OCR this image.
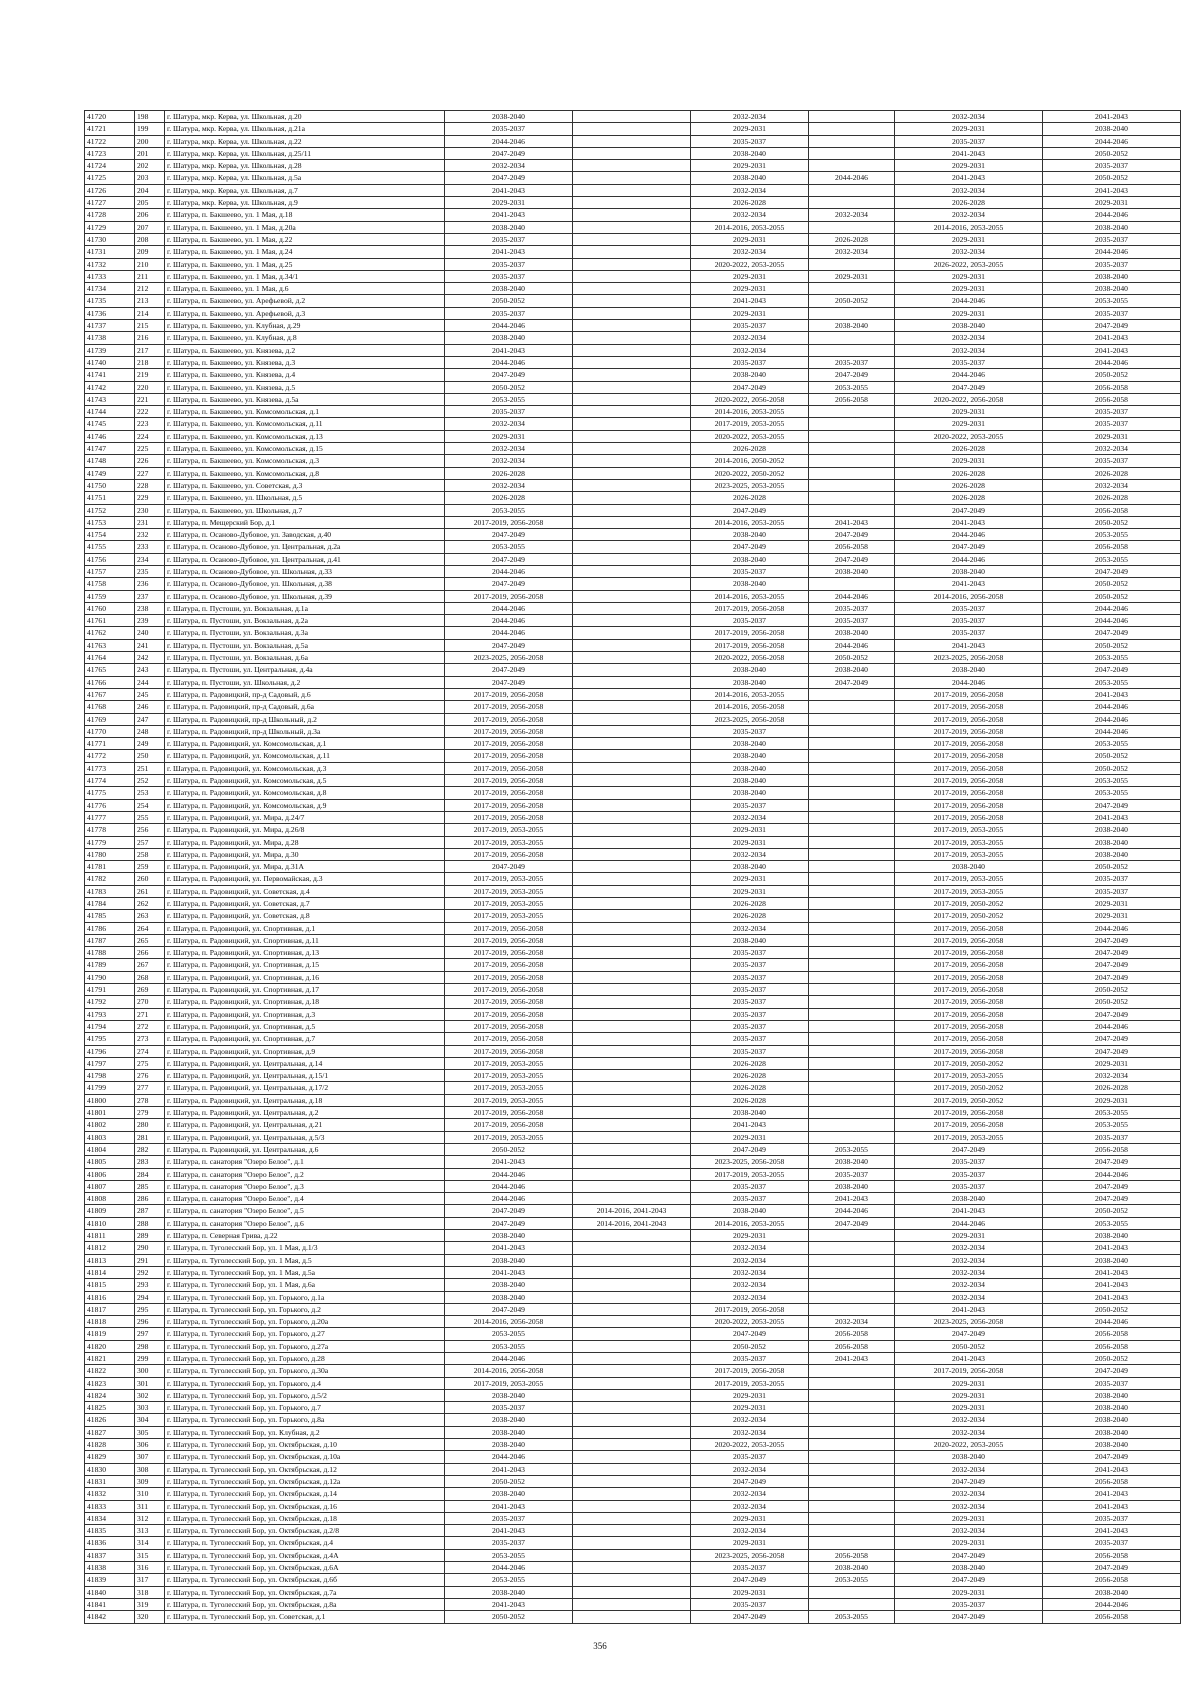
41720	198	г. Шатура, мкр. Керва, ул. Школьная, д.20	2038-2040		2032-2034		2032-2034	2041-2043
41721	199	г. Шатура, мкр. Керва, ул. Школьная, д.21а	2035-2037		2029-2031		2029-2031	2038-2040
41722	200	г. Шатура, мкр. Керва, ул. Школьная, д.22	2044-2046		2035-2037		2035-2037	2044-2046
41723	201	г. Шатура, мкр. Керва, ул. Школьная, д.25/11	2047-2049		2038-2040		2041-2043	2050-2052
41724	202	г. Шатура, мкр. Керва, ул. Школьная, д.28	2032-2034		2029-2031		2029-2031	2035-2037
41725	203	г. Шатура, мкр. Керва, ул. Школьная, д.5а	2047-2049		2038-2040	2044-2046	2041-2043	2050-2052
41726	204	г. Шатура, мкр. Керва, ул. Школьная, д.7	2041-2043		2032-2034		2032-2034	2041-2043
41727	205	г. Шатура, мкр. Керва, ул. Школьная, д.9	2029-2031		2026-2028		2026-2028	2029-2031
41728	206	г. Шатура, п. Бакшеево, ул. 1 Мая, д.18	2041-2043		2032-2034	2032-2034	2032-2034	2044-2046
41729	207	г. Шатура, п. Бакшеево, ул. 1 Мая, д.20а	2038-2040		2014-2016, 2053-2055		2014-2016, 2053-2055	2038-2040
41730	208	г. Шатура, п. Бакшеево, ул. 1 Мая, д.22	2035-2037		2029-2031	2026-2028	2029-2031	2035-2037
41731	209	г. Шатура, п. Бакшеево, ул. 1 Мая, д.24	2041-2043		2032-2034	2032-2034	2032-2034	2044-2046
41732	210	г. Шатура, п. Бакшеево, ул. 1 Мая, д.25	2035-2037		2020-2022, 2053-2055		2026-2022, 2053-2055	2035-2037
41733	211	г. Шатура, п. Бакшеево, ул. 1 Мая, д.34/1	2035-2037		2029-2031	2029-2031	2029-2031	2038-2040
41734	212	г. Шатура, п. Бакшеево, ул. 1 Мая, д.6	2038-2040		2029-2031		2029-2031	2038-2040
41735	213	г. Шатура, п. Бакшеево, ул. Арефьевой, д.2	2050-2052		2041-2043	2050-2052	2044-2046	2053-2055
41736	214	г. Шатура, п. Бакшеево, ул. Арефьевой, д.3	2035-2037		2029-2031		2029-2031	2035-2037
41737	215	г. Шатура, п. Бакшеево, ул. Клубная, д.29	2044-2046		2035-2037	2038-2040	2038-2040	2047-2049
41738	216	г. Шатура, п. Бакшеево, ул. Клубная, д.8	2038-2040		2032-2034		2032-2034	2041-2043
41739	217	г. Шатура, п. Бакшеево, ул. Князева, д.2	2041-2043		2032-2034		2032-2034	2041-2043
41740	218	г. Шатура, п. Бакшеево, ул. Князева, д.3	2044-2046		2035-2037	2035-2037	2035-2037	2044-2046
41741	219	г. Шатура, п. Бакшеево, ул. Князева, д.4	2047-2049		2038-2040	2047-2049	2044-2046	2050-2052
41742	220	г. Шатура, п. Бакшеево, ул. Князева, д.5	2050-2052		2047-2049	2053-2055	2047-2049	2056-2058
41743	221	г. Шатура, п. Бакшеево, ул. Князева, д.5а	2053-2055		2020-2022, 2056-2058	2056-2058	2020-2022, 2056-2058	2056-2058
41744	222	г. Шатура, п. Бакшеево, ул. Комсомольская, д.1	2035-2037		2014-2016, 2053-2055		2029-2031	2035-2037
41745	223	г. Шатура, п. Бакшеево, ул. Комсомольская, д.11	2032-2034		2017-2019, 2053-2055		2029-2031	2035-2037
41746	224	г. Шатура, п. Бакшеево, ул. Комсомольская, д.13	2029-2031		2020-2022, 2053-2055		2020-2022, 2053-2055	2029-2031
41747	225	г. Шатура, п. Бакшеево, ул. Комсомольская, д.15	2032-2034		2026-2028		2026-2028	2032-2034
41748	226	г. Шатура, п. Бакшеево, ул. Комсомольская, д.3	2032-2034		2014-2016, 2050-2052		2029-2031	2035-2037
41749	227	г. Шатура, п. Бакшеево, ул. Комсомольская, д.8	2026-2028		2020-2022, 2050-2052		2026-2028	2026-2028
41750	228	г. Шатура, п. Бакшеево, ул. Советская, д.3	2032-2034		2023-2025, 2053-2055		2026-2028	2032-2034
41751	229	г. Шатура, п. Бакшеево, ул. Школьная, д.5	2026-2028		2026-2028		2026-2028	2026-2028
41752	230	г. Шатура, п. Бакшеево, ул. Школьная, д.7	2053-2055		2047-2049		2047-2049	2056-2058
41753	231	г. Шатура, п. Мещерский Бор, д.1	2017-2019, 2056-2058		2014-2016, 2053-2055	2041-2043	2041-2043	2050-2052
41754	232	г. Шатура, п. Осаново-Дубовое, ул. Заводская, д.40	2047-2049		2038-2040	2047-2049	2044-2046	2053-2055
41755	233	г. Шатура, п. Осаново-Дубовое, ул. Центральная, д.2а	2053-2055		2047-2049	2056-2058	2047-2049	2056-2058
41756	234	г. Шатура, п. Осаново-Дубовое, ул. Центральная, д.41	2047-2049		2038-2040	2047-2049	2044-2046	2053-2055
41757	235	г. Шатура, п. Осаново-Дубовое, ул. Школьная, д.33	2044-2046		2035-2037	2038-2040	2038-2040	2047-2049
41758	236	г. Шатура, п. Осаново-Дубовое, ул. Школьная, д.38	2047-2049		2038-2040		2041-2043	2050-2052
41759	237	г. Шатура, п. Осаново-Дубовое, ул. Школьная, д.39	2017-2019, 2056-2058		2014-2016, 2053-2055	2044-2046	2014-2016, 2056-2058	2050-2052
41760	238	г. Шатура, п. Пустоши, ул. Вокзальная, д.1а	2044-2046		2017-2019, 2056-2058	2035-2037	2035-2037	2044-2046
41761	239	г. Шатура, п. Пустоши, ул. Вокзальная, д.2а	2044-2046		2035-2037	2035-2037	2035-2037	2044-2046
41762	240	г. Шатура, п. Пустоши, ул. Вокзальная, д.3а	2044-2046		2017-2019, 2056-2058	2038-2040	2035-2037	2047-2049
41763	241	г. Шатура, п. Пустоши, ул. Вокзальная, д.5а	2047-2049		2017-2019, 2056-2058	2044-2046	2041-2043	2050-2052
41764	242	г. Шатура, п. Пустоши, ул. Вокзальная, д.6а	2023-2025, 2056-2058		2020-2022, 2056-2058	2050-2052	2023-2025, 2056-2058	2053-2055
41765	243	г. Шатура, п. Пустоши, ул. Центральная, д.4а	2047-2049		2038-2040	2038-2040	2038-2040	2047-2049
41766	244	г. Шатура, п. Пустоши, ул. Школьная, д.2	2047-2049		2038-2040	2047-2049	2044-2046	2053-2055
41767	245	г. Шатура, п. Радовицкий, пр-д Садовый, д.6	2017-2019, 2056-2058		2014-2016, 2053-2055		2017-2019, 2056-2058	2041-2043
41768	246	г. Шатура, п. Радовицкий, пр-д Садовый, д.6а	2017-2019, 2056-2058		2014-2016, 2056-2058		2017-2019, 2056-2058	2044-2046
41769	247	г. Шатура, п. Радовицкий, пр-д Школьный, д.2	2017-2019, 2056-2058		2023-2025, 2056-2058		2017-2019, 2056-2058	2044-2046
41770	248	г. Шатура, п. Радовицкий, пр-д Школьный, д.3а	2017-2019, 2056-2058		2035-2037		2017-2019, 2056-2058	2044-2046
41771	249	г. Шатура, п. Радовицкий, ул. Комсомольская, д.1	2017-2019, 2056-2058		2038-2040		2017-2019, 2056-2058	2053-2055
41772	250	г. Шатура, п. Радовицкий, ул. Комсомольская, д.11	2017-2019, 2056-2058		2038-2040		2017-2019, 2056-2058	2050-2052
41773	251	г. Шатура, п. Радовицкий, ул. Комсомольская, д.3	2017-2019, 2056-2058		2038-2040		2017-2019, 2056-2058	2050-2052
41774	252	г. Шатура, п. Радовицкий, ул. Комсомольская, д.5	2017-2019, 2056-2058		2038-2040		2017-2019, 2056-2058	2053-2055
41775	253	г. Шатура, п. Радовицкий, ул. Комсомольская, д.8	2017-2019, 2056-2058		2038-2040		2017-2019, 2056-2058	2053-2055
41776	254	г. Шатура, п. Радовицкий, ул. Комсомольская, д.9	2017-2019, 2056-2058		2035-2037		2017-2019, 2056-2058	2047-2049
41777	255	г. Шатура, п. Радовицкий, ул. Мира, д.24/7	2017-2019, 2056-2058		2032-2034		2017-2019, 2056-2058	2041-2043
41778	256	г. Шатура, п. Радовицкий, ул. Мира, д.26/8	2017-2019, 2053-2055		2029-2031		2017-2019, 2053-2055	2038-2040
41779	257	г. Шатура, п. Радовицкий, ул. Мира, д.28	2017-2019, 2053-2055		2029-2031		2017-2019, 2053-2055	2038-2040
41780	258	г. Шатура, п. Радовицкий, ул. Мира, д.30	2017-2019, 2056-2058		2032-2034		2017-2019, 2053-2055	2038-2040
41781	259	г. Шатура, п. Радовицкий, ул. Мира, д.31А	2047-2049		2038-2040		2038-2040	2050-2052
41782	260	г. Шатура, п. Радовицкий, ул. Первомайская, д.3	2017-2019, 2053-2055		2029-2031		2017-2019, 2053-2055	2035-2037
41783	261	г. Шатура, п. Радовицкий, ул. Советская, д.4	2017-2019, 2053-2055		2029-2031		2017-2019, 2053-2055	2035-2037
41784	262	г. Шатура, п. Радовицкий, ул. Советская, д.7	2017-2019, 2053-2055		2026-2028		2017-2019, 2050-2052	2029-2031
41785	263	г. Шатура, п. Радовицкий, ул. Советская, д.8	2017-2019, 2053-2055		2026-2028		2017-2019, 2050-2052	2029-2031
41786	264	г. Шатура, п. Радовицкий, ул. Спортивная, д.1	2017-2019, 2056-2058		2032-2034		2017-2019, 2056-2058	2044-2046
41787	265	г. Шатура, п. Радовицкий, ул. Спортивная, д.11	2017-2019, 2056-2058		2038-2040		2017-2019, 2056-2058	2047-2049
41788	266	г. Шатура, п. Радовицкий, ул. Спортивная, д.13	2017-2019, 2056-2058		2035-2037		2017-2019, 2056-2058	2047-2049
41789	267	г. Шатура, п. Радовицкий, ул. Спортивная, д.15	2017-2019, 2056-2058		2035-2037		2017-2019, 2056-2058	2047-2049
41790	268	г. Шатура, п. Радовицкий, ул. Спортивная, д.16	2017-2019, 2056-2058		2035-2037		2017-2019, 2056-2058	2047-2049
41791	269	г. Шатура, п. Радовицкий, ул. Спортивная, д.17	2017-2019, 2056-2058		2035-2037		2017-2019, 2056-2058	2050-2052
41792	270	г. Шатура, п. Радовицкий, ул. Спортивная, д.18	2017-2019, 2056-2058		2035-2037		2017-2019, 2056-2058	2050-2052
41793	271	г. Шатура, п. Радовицкий, ул. Спортивная, д.3	2017-2019, 2056-2058		2035-2037		2017-2019, 2056-2058	2047-2049
41794	272	г. Шатура, п. Радовицкий, ул. Спортивная, д.5	2017-2019, 2056-2058		2035-2037		2017-2019, 2056-2058	2044-2046
41795	273	г. Шатура, п. Радовицкий, ул. Спортивная, д.7	2017-2019, 2056-2058		2035-2037		2017-2019, 2056-2058	2047-2049
41796	274	г. Шатура, п. Радовицкий, ул. Спортивная, д.9	2017-2019, 2056-2058		2035-2037		2017-2019, 2056-2058	2047-2049
41797	275	г. Шатура, п. Радовицкий, ул. Центральная, д.14	2017-2019, 2053-2055		2026-2028		2017-2019, 2050-2052	2029-2031
41798	276	г. Шатура, п. Радовицкий, ул. Центральная, д.15/1	2017-2019, 2053-2055		2026-2028		2017-2019, 2053-2055	2032-2034
41799	277	г. Шатура, п. Радовицкий, ул. Центральная, д.17/2	2017-2019, 2053-2055		2026-2028		2017-2019, 2050-2052	2026-2028
41800	278	г. Шатура, п. Радовицкий, ул. Центральная, д.18	2017-2019, 2053-2055		2026-2028		2017-2019, 2050-2052	2029-2031
41801	279	г. Шатура, п. Радовицкий, ул. Центральная, д.2	2017-2019, 2056-2058		2038-2040		2017-2019, 2056-2058	2053-2055
41802	280	г. Шатура, п. Радовицкий, ул. Центральная, д.21	2017-2019, 2056-2058		2041-2043		2017-2019, 2056-2058	2053-2055
41803	281	г. Шатура, п. Радовицкий, ул. Центральная, д.5/3	2017-2019, 2053-2055		2029-2031		2017-2019, 2053-2055	2035-2037
41804	282	г. Шатура, п. Радовицкий, ул. Центральная, д.6	2050-2052		2047-2049	2053-2055	2047-2049	2056-2058
41805	283	г. Шатура, п. санатория "Озеро Белое", д.1	2041-2043		2023-2025, 2056-2058	2038-2040	2035-2037	2047-2049
41806	284	г. Шатура, п. санатория "Озеро Белое", д.2	2044-2046		2017-2019, 2053-2055	2035-2037	2035-2037	2044-2046
41807	285	г. Шатура, п. санатория "Озеро Белое", д.3	2044-2046		2035-2037	2038-2040	2035-2037	2047-2049
41808	286	г. Шатура, п. санатория "Озеро Белое", д.4	2044-2046		2035-2037	2041-2043	2038-2040	2047-2049
41809	287	г. Шатура, п. санатория "Озеро Белое", д.5	2047-2049	2014-2016, 2041-2043	2038-2040	2044-2046	2041-2043	2050-2052
41810	288	г. Шатура, п. санатория "Озеро Белое", д.6	2047-2049	2014-2016, 2041-2043	2014-2016, 2053-2055	2047-2049	2044-2046	2053-2055
41811	289	г. Шатура, п. Северная Грива, д.22	2038-2040		2029-2031		2029-2031	2038-2040
41812	290	г. Шатура, п. Туголесский Бор, ул. 1 Мая, д.1/3	2041-2043		2032-2034		2032-2034	2041-2043
41813	291	г. Шатура, п. Туголесский Бор, ул. 1 Мая, д.5	2038-2040		2032-2034		2032-2034	2038-2040
41814	292	г. Шатура, п. Туголесский Бор, ул. 1 Мая, д.5а	2041-2043		2032-2034		2032-2034	2041-2043
41815	293	г. Шатура, п. Туголесский Бор, ул. 1 Мая, д.6а	2038-2040		2032-2034		2032-2034	2041-2043
41816	294	г. Шатура, п. Туголесский Бор, ул. Горького, д.1а	2038-2040		2032-2034		2032-2034	2041-2043
41817	295	г. Шатура, п. Туголесский Бор, ул. Горького, д.2	2047-2049		2017-2019, 2056-2058		2041-2043	2050-2052
41818	296	г. Шатура, п. Туголесский Бор, ул. Горького, д.20а	2014-2016, 2056-2058		2020-2022, 2053-2055	2032-2034	2023-2025, 2056-2058	2044-2046
41819	297	г. Шатура, п. Туголесский Бор, ул. Горького, д.27	2053-2055		2047-2049	2056-2058	2047-2049	2056-2058
41820	298	г. Шатура, п. Туголесский Бор, ул. Горького, д.27а	2053-2055		2050-2052	2056-2058	2050-2052	2056-2058
41821	299	г. Шатура, п. Туголесский Бор, ул. Горького, д.28	2044-2046		2035-2037	2041-2043	2041-2043	2050-2052
41822	300	г. Шатура, п. Туголесский Бор, ул. Горького, д.30а	2014-2016, 2056-2058		2017-2019, 2056-2058		2017-2019, 2056-2058	2047-2049
41823	301	г. Шатура, п. Туголесский Бор, ул. Горького, д.4	2017-2019, 2053-2055		2017-2019, 2053-2055		2029-2031	2035-2037
41824	302	г. Шатура, п. Туголесский Бор, ул. Горького, д.5/2	2038-2040		2029-2031		2029-2031	2038-2040
41825	303	г. Шатура, п. Туголесский Бор, ул. Горького, д.7	2035-2037		2029-2031		2029-2031	2038-2040
41826	304	г. Шатура, п. Туголесский Бор, ул. Горького, д.8а	2038-2040		2032-2034		2032-2034	2038-2040
41827	305	г. Шатура, п. Туголесский Бор, ул. Клубная, д.2	2038-2040		2032-2034		2032-2034	2038-2040
41828	306	г. Шатура, п. Туголесский Бор, ул. Октябрьская, д.10	2038-2040		2020-2022, 2053-2055		2020-2022, 2053-2055	2038-2040
41829	307	г. Шатура, п. Туголесский Бор, ул. Октябрьская, д.10а	2044-2046		2035-2037		2038-2040	2047-2049
41830	308	г. Шатура, п. Туголесский Бор, ул. Октябрьская, д.12	2041-2043		2032-2034		2032-2034	2041-2043
41831	309	г. Шатура, п. Туголесский Бор, ул. Октябрьская, д.12а	2050-2052		2047-2049		2047-2049	2056-2058
41832	310	г. Шатура, п. Туголесский Бор, ул. Октябрьская, д.14	2038-2040		2032-2034		2032-2034	2041-2043
41833	311	г. Шатура, п. Туголесский Бор, ул. Октябрьская, д.16	2041-2043		2032-2034		2032-2034	2041-2043
41834	312	г. Шатура, п. Туголесский Бор, ул. Октябрьская, д.18	2035-2037		2029-2031		2029-2031	2035-2037
41835	313	г. Шатура, п. Туголесский Бор, ул. Октябрьская, д.2/8	2041-2043		2032-2034		2032-2034	2041-2043
41836	314	г. Шатура, п. Туголесский Бор, ул. Октябрьская, д.4	2035-2037		2029-2031		2029-2031	2035-2037
41837	315	г. Шатура, п. Туголесский Бор, ул. Октябрьская, д.4А	2053-2055		2023-2025, 2056-2058	2056-2058	2047-2049	2056-2058
41838	316	г. Шатура, п. Туголесский Бор, ул. Октябрьская, д.6А	2044-2046		2035-2037	2038-2040	2038-2040	2047-2049
41839	317	г. Шатура, п. Туголесский Бор, ул. Октябрьская, д.6б	2053-2055		2047-2049	2053-2055	2047-2049	2056-2058
41840	318	г. Шатура, п. Туголесский Бор, ул. Октябрьская, д.7а	2038-2040		2029-2031		2029-2031	2038-2040
41841	319	г. Шатура, п. Туголесский Бор, ул. Октябрьская, д.8а	2041-2043		2035-2037		2035-2037	2044-2046
41842	320	г. Шатура, п. Туголесский Бор, ул. Советская, д.1	2050-2052		2047-2049	2053-2055	2047-2049	2056-2058
356
